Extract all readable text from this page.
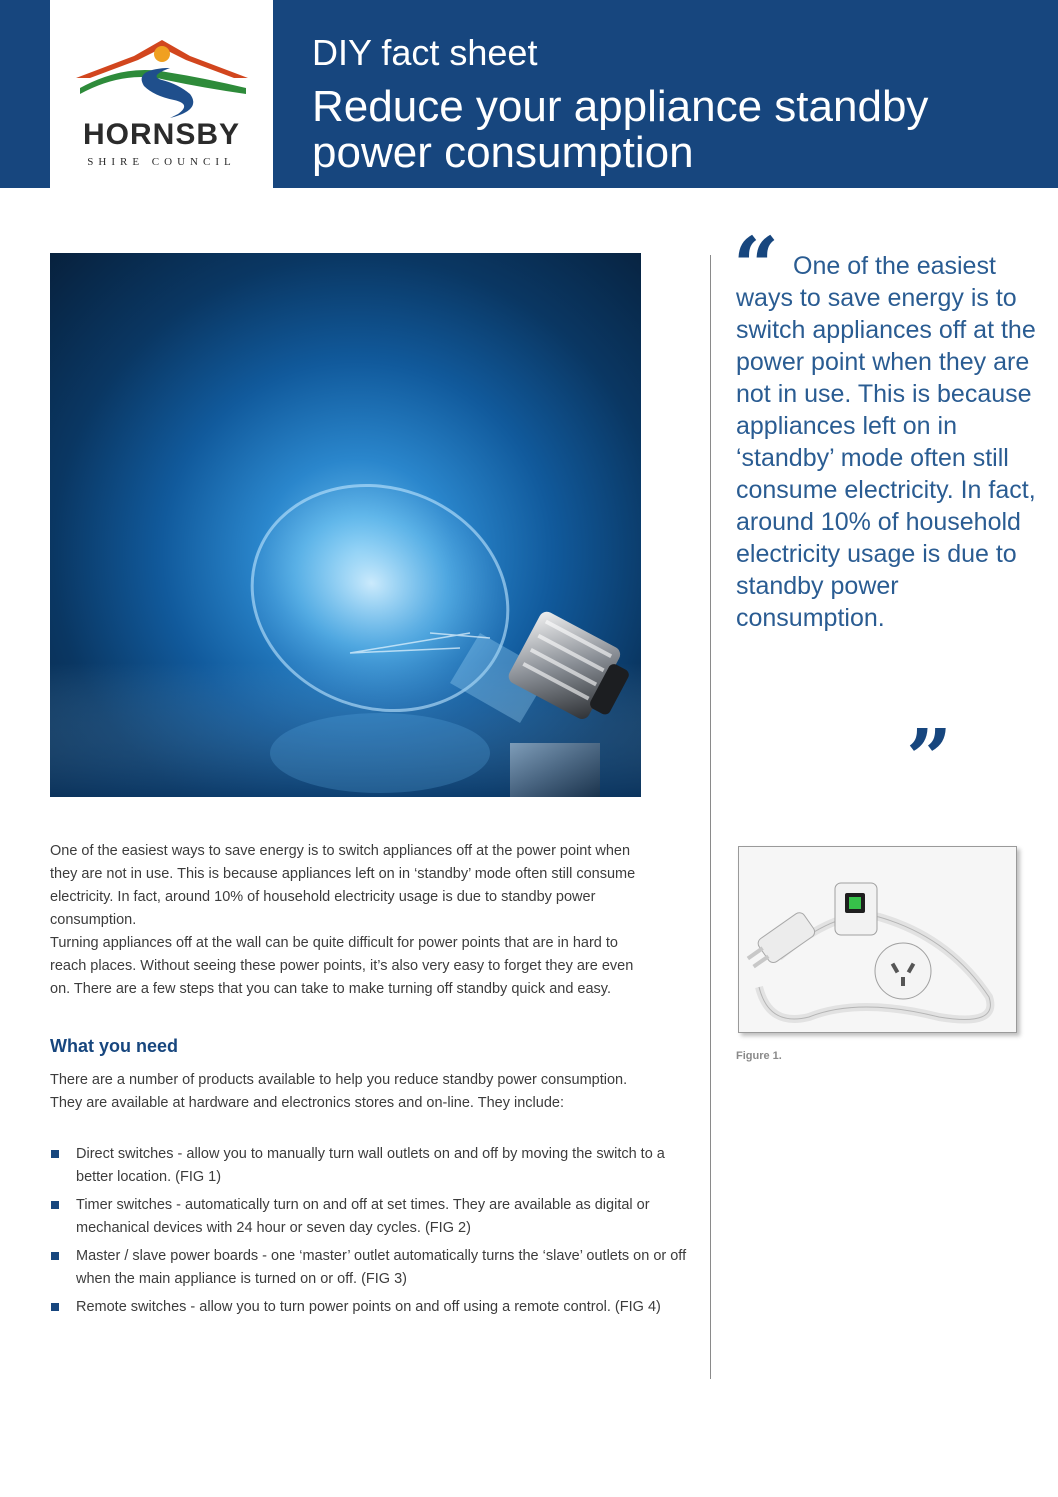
HORNSBY
SHIRE COUNCIL
DIY fact sheet
Reduce your appliance standby power consumption

One of the easiest ways to save energy is to switch appliances off at the power point when they are not in use. This is because appliances left on in ‘standby’ mode often still consume electricity. In fact, around 10% of household electricity usage is due to standby power consumption.

Turning appliances off at the wall can be quite difficult for power points that are in hard to reach places. Without seeing these power points, it’s also very easy to forget they are even on. There are a few steps that you can take to make turning off standby quick and easy.

What you need

There are a number of products available to help you reduce standby power consumption. They are available at hardware and electronics stores and on-line. They include:

Direct switches - allow you to manually turn wall outlets on and off by moving the switch to a better location. (FIG 1)
Timer switches - automatically turn on and off at set times. They are available as digital or mechanical devices with 24 hour or seven day cycles. (FIG 2)
Master / slave power boards - one ‘master’ outlet automatically turns the ‘slave’ outlets on or off when the main appliance is turned on or off. (FIG 3)
Remote switches - allow you to turn power points on and off using a remote control. (FIG 4)
“ One of the easiest ways to save energy is to switch appliances off at the power point when they are not in use. This is because appliances left on in ‘standby’ mode often still consume electricity. In fact, around 10% of household electricity usage is due to standby power consumption.
”
Figure 1.
